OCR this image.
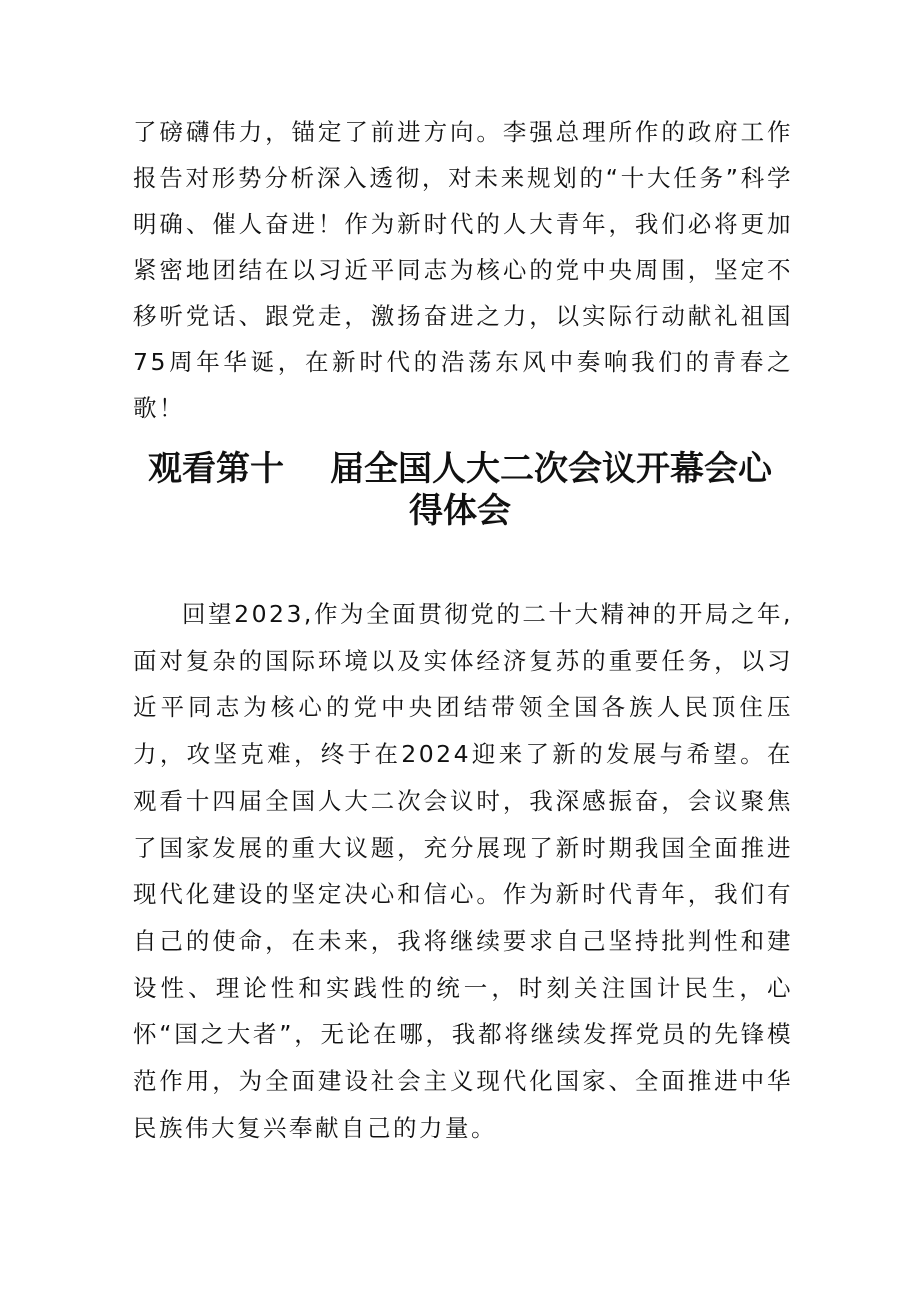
了磅礴伟力，锚定了前进方向。李强总理所作的政府工作报告对形势分析深入透彻，对未来规划的“十大任务”科学明确、催人奋进！作为新时代的人大青年，我们必将更加紧密地团结在以习近平同志为核心的党中央周围，坚定不移听党话、跟党走，激扬奋进之力，以实际行动献礼祖国75周年华诞，在新时代的浩荡东风中奏响我们的青春之歌！

观看第十 届全国人大二次会议开幕会心
得体会

回望2023,作为全面贯彻党的二十大精神的开局之年,面对复杂的国际环境以及实体经济复苏的重要任务，以习近平同志为核心的党中央团结带领全国各族人民顶住压力，攻坚克难，终于在2024迎来了新的发展与希望。在观看十四届全国人大二次会议时，我深感振奋，会议聚焦了国家发展的重大议题，充分展现了新时期我国全面推进现代化建设的坚定决心和信心。作为新时代青年，我们有自己的使命，在未来，我将继续要求自己坚持批判性和建设性、理论性和实践性的统一，时刻关注国计民生，心怀“国之大者”，无论在哪，我都将继续发挥党员的先锋模范作用，为全面建设社会主义现代化国家、全面推进中华民族伟大复兴奉献自己的力量。
